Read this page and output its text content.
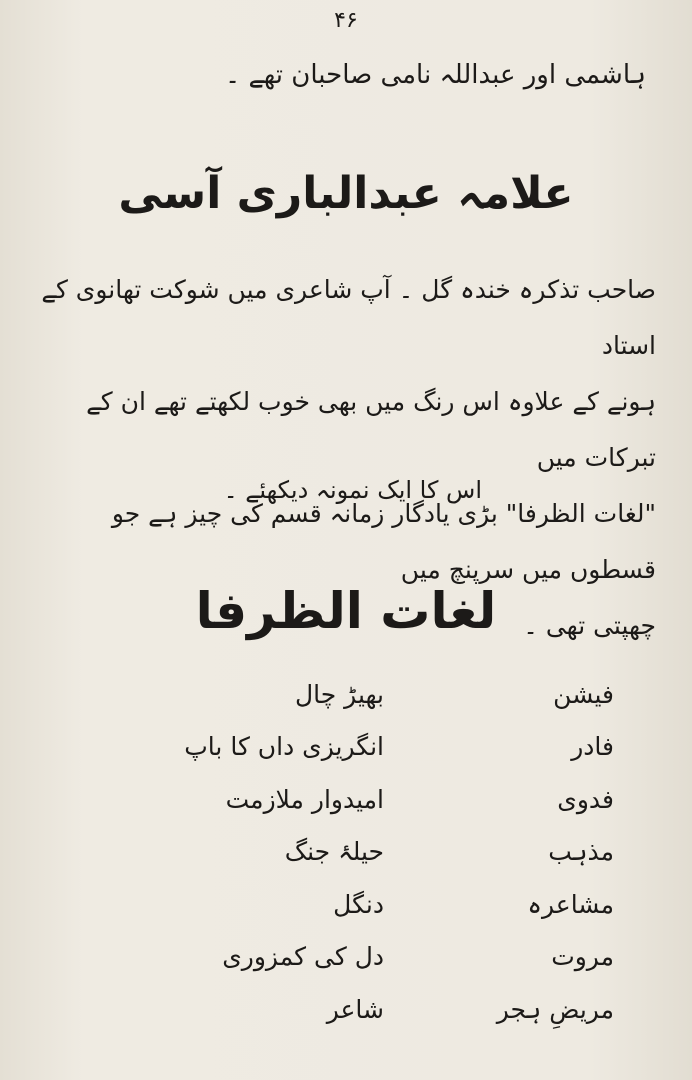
۴۶
ہاشمی اور عبداللہ نامی صاحبان تھے ۔
علامہ عبدالباری آسی

صاحب تذکرہ خندہ گل ۔ آپ شاعری میں شوکت تھانوی کے استاد

ہونے کے علاوہ اس رنگ میں بھی خوب لکھتے تھے ان کے تبرکات میں

"لغات الظرفا" بڑی یادگار زمانہ قسم کی چیز ہے جو قسطوں میں سرپنچ میں

چھپتی تھی ۔

اس کا ایک نمونہ دیکھئے ۔
لغات الظرفا
فیشن
بھیڑ چال
فادر
انگریزی داں کا باپ
فدوی
امیدوار ملازمت
مذہب
حیلۂ جنگ
مشاعرہ
دنگل
مروت
دل کی کمزوری
مریضِ ہجر
شاعر
